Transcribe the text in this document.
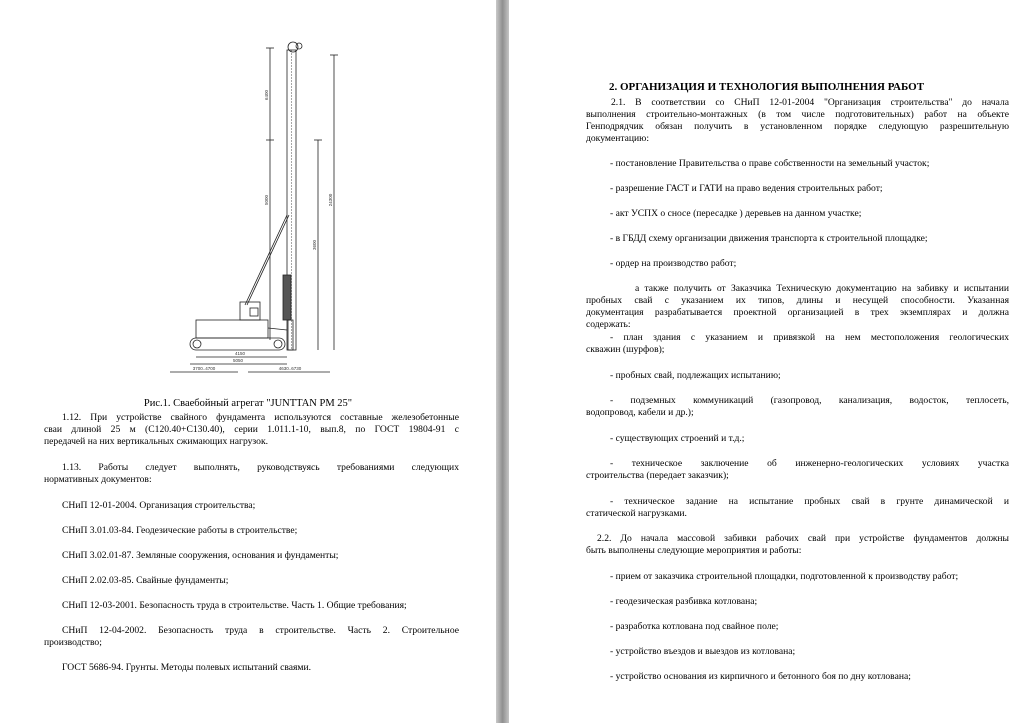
6400
5000	24300
3600
4150
5050
3700..4700	4630..6730

Рис.1. Сваебойный агрегат "JUNTTAN PM 25"

1.12. При устройстве свайного фундамента используются составные железобетонные

сваи длиной 25 м (С120.40+С130.40), серии 1.011.1-10, вып.8, по ГОСТ 19804-91 с

передачей на них вертикальных сжимающих нагрузок.

1.13. Работы следует выполнять, руководствуясь требованиями следующих

нормативных документов:

СНиП 12-01-2004. Организация строительства;

СНиП 3.01.03-84. Геодезические работы в строительстве;

СНиП 3.02.01-87. Земляные сооружения, основания и фундаменты;

СНиП 2.02.03-85. Свайные фундаменты;

СНиП 12-03-2001. Безопасность труда в строительстве. Часть 1. Общие требования;

СНиП 12-04-2002. Безопасность труда в строительстве. Часть 2. Строительное

производство;

ГОСТ 5686-94. Грунты. Методы полевых испытаний сваями.

2. ОРГАНИЗАЦИЯ И ТЕХНОЛОГИЯ ВЫПОЛНЕНИЯ РАБОТ

2.1. В соответствии со СНиП 12-01-2004 "Организация строительства" до начала

выполнения строительно-монтажных (в том числе подготовительных) работ на объекте

Генподрядчик обязан получить в установленном порядке следующую разрешительную

документацию:

- постановление Правительства о праве собственности на земельный участок;

- разрешение ГАСТ и ГАТИ на право ведения строительных работ;

- акт УСПХ о сносе (пересадке ) деревьев на данном участке;

- в ГБДД схему организации движения транспорта к строительной площадке;

- ордер на производство работ;

а также получить от Заказчика Техническую документацию на забивку и испытании

пробных свай с указанием их типов, длины и несущей способности. Указанная

документация разрабатывается проектной организацией в трех экземплярах и должна

содержать:

- план здания с указанием и привязкой на нем местоположения геологических

скважин (шурфов);

- пробных свай, подлежащих испытанию;

- подземных коммуникаций (газопровод, канализация, водосток, теплосеть,

водопровод, кабели и др.);

- существующих строений и т.д.;

- техническое заключение об инженерно-геологических условиях участка

строительства (передает заказчик);

- техническое задание на испытание пробных свай в грунте динамической и

статической нагрузками.

2.2. До начала массовой забивки рабочих свай при устройстве фундаментов должны

быть выполнены следующие мероприятия и работы:

- прием от заказчика строительной площадки, подготовленной к производству работ;

- геодезическая разбивка котлована;

- разработка котлована под свайное поле;

- устройство въездов и выездов из котлована;

- устройство основания из кирпичного и бетонного боя по дну котлована;
